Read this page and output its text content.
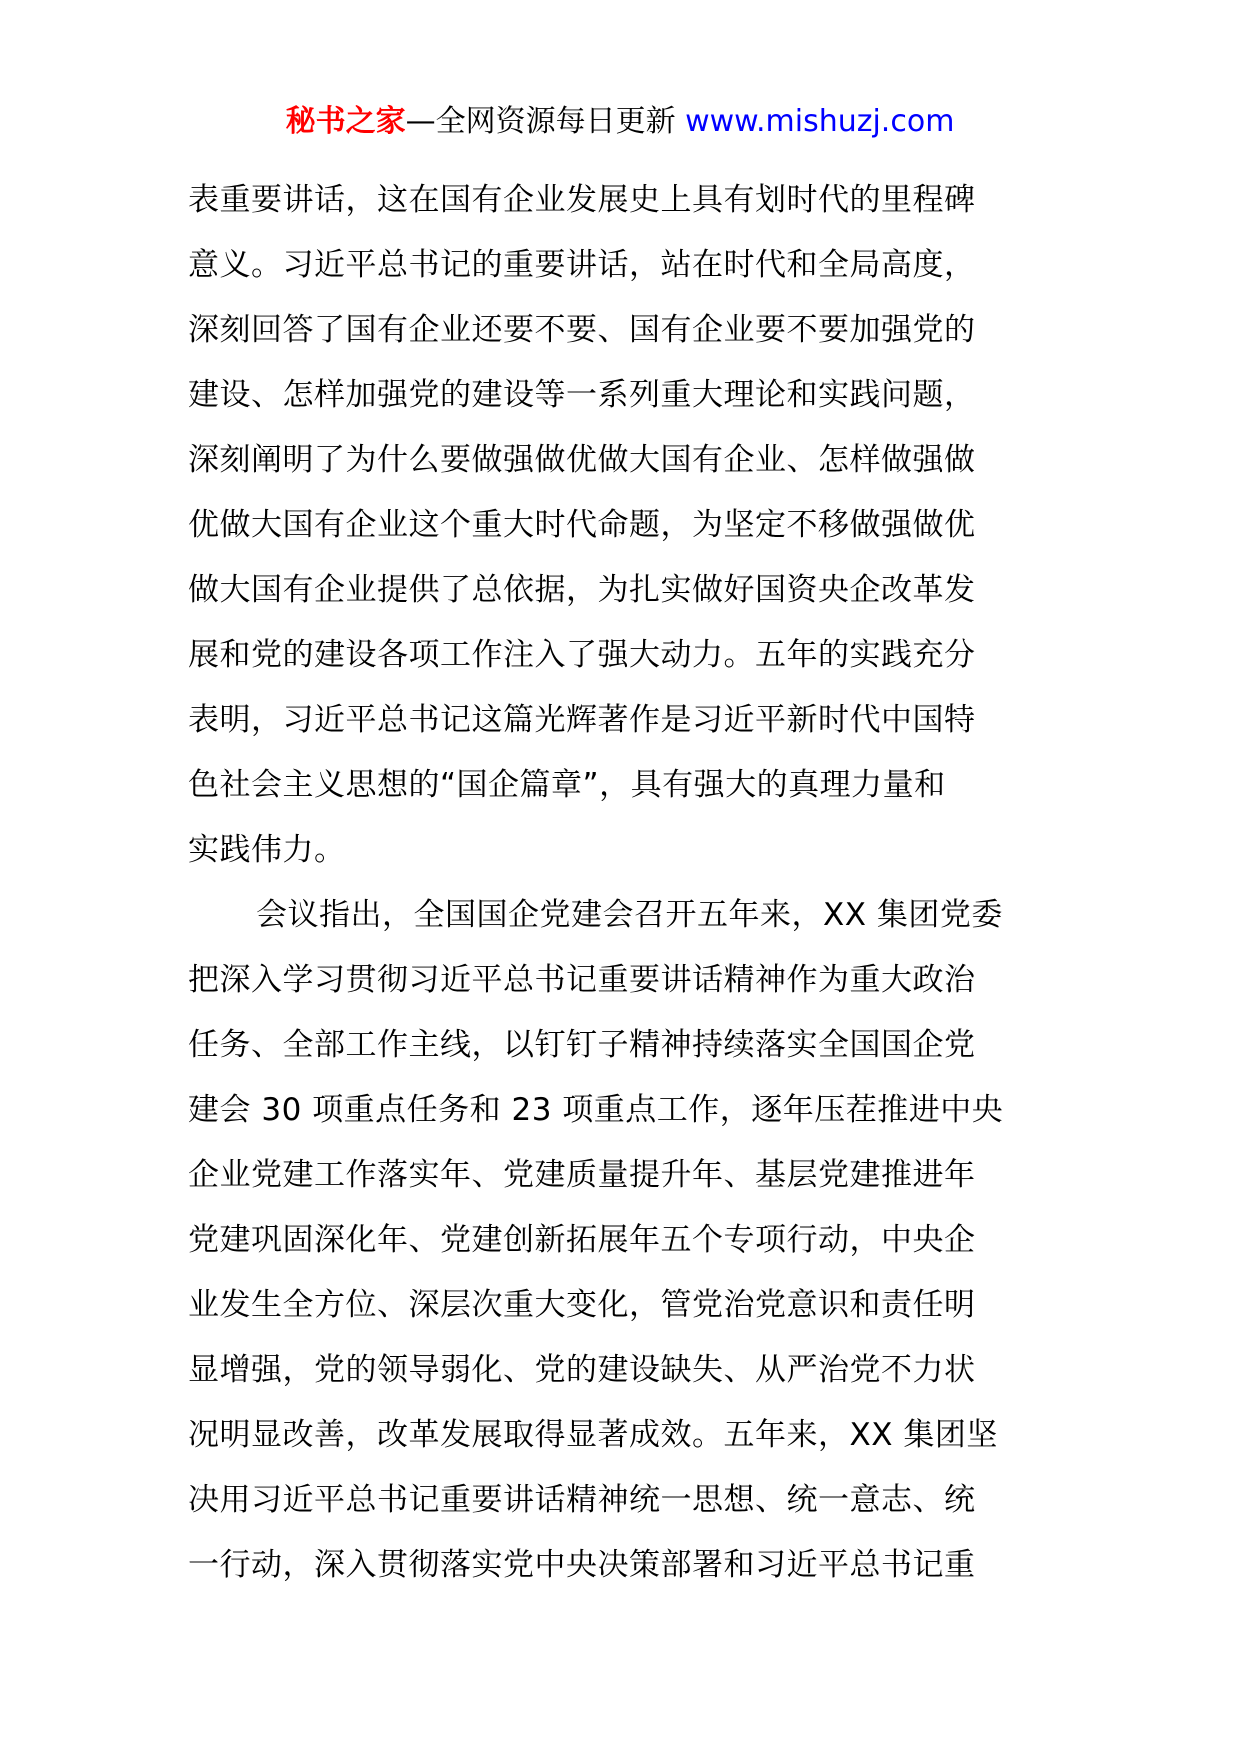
秘书之家—全网资源每日更新 www.mishuzj.com
表重要讲话，这在国有企业发展史上具有划时代的里程碑
意义。习近平总书记的重要讲话，站在时代和全局高度，
深刻回答了国有企业还要不要、国有企业要不要加强党的
建设、怎样加强党的建设等一系列重大理论和实践问题，
深刻阐明了为什么要做强做优做大国有企业、怎样做强做
优做大国有企业这个重大时代命题，为坚定不移做强做优
做大国有企业提供了总依据，为扎实做好国资央企改革发
展和党的建设各项工作注入了强大动力。五年的实践充分
表明，习近平总书记这篇光辉著作是习近平新时代中国特
色社会主义思想的“国企篇章”，具有强大的真理力量和
实践伟力。
会议指出，全国国企党建会召开五年来，XX 集团党委
把深入学习贯彻习近平总书记重要讲话精神作为重大政治
任务、全部工作主线，以钉钉子精神持续落实全国国企党
建会 30 项重点任务和 23 项重点工作，逐年压茬推进中央
企业党建工作落实年、党建质量提升年、基层党建推进年
党建巩固深化年、党建创新拓展年五个专项行动，中央企
业发生全方位、深层次重大变化，管党治党意识和责任明
显增强，党的领导弱化、党的建设缺失、从严治党不力状
况明显改善，改革发展取得显著成效。五年来，XX 集团坚
决用习近平总书记重要讲话精神统一思想、统一意志、统
一行动，深入贯彻落实党中央决策部署和习近平总书记重
